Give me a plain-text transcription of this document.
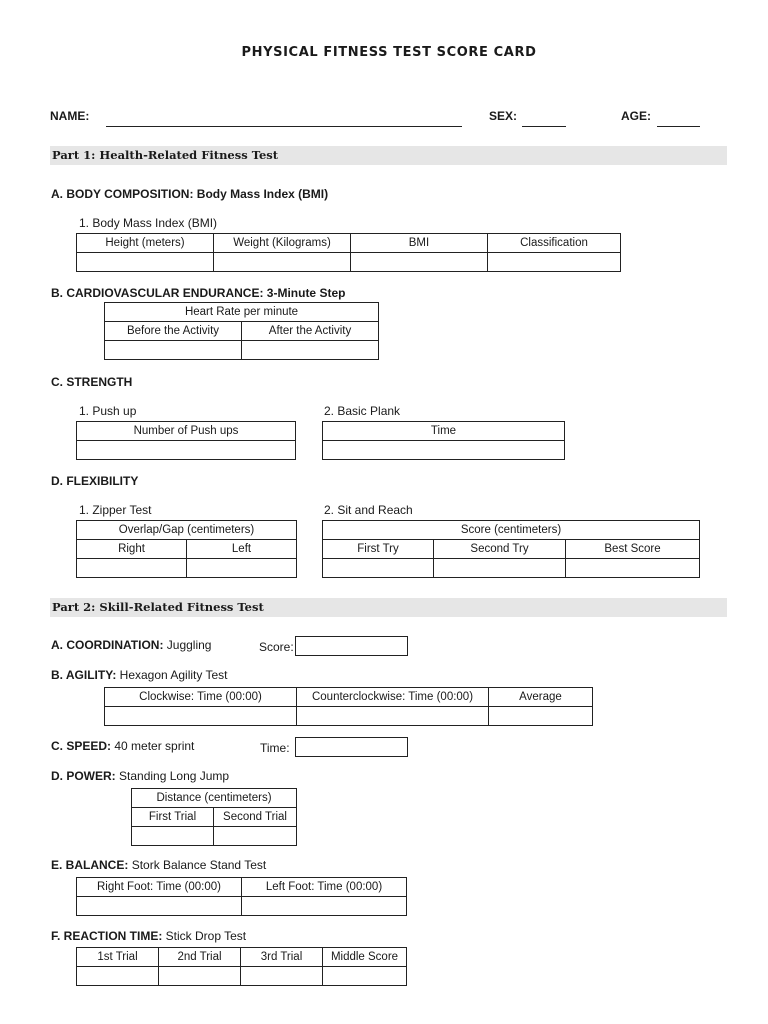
PHYSICAL FITNESS TEST SCORE CARD
NAME:	SEX:	AGE:
Part 1: Health-Related Fitness Test
A. BODY COMPOSITION: Body Mass Index (BMI)
1. Body Mass Index (BMI)
Height (meters)	Weight (Kilograms)	BMI	Classification

B. CARDIOVASCULAR ENDURANCE: 3-Minute Step
Heart Rate per minute	
Before the Activity	After the Activity

C. STRENGTH
1. Push up
Number of Push ups

2. Basic Plank
Time

D. FLEXIBILITY
1. Zipper Test
Overlap/Gap (centimeters)	
Right	Left

2. Sit and Reach
Score (centimeters)		
First Try	Second Try	Best Score

Part 2: Skill-Related Fitness Test
A. COORDINATION: Juggling	Score:
B. AGILITY: Hexagon Agility Test
Clockwise: Time (00:00)	Counterclockwise: Time (00:00)	Average

C. SPEED: 40 meter sprint	Time:
D. POWER: Standing Long Jump
Distance (centimeters)	
First Trial	Second Trial

E. BALANCE: Stork Balance Stand Test
Right Foot: Time (00:00)	Left Foot: Time (00:00)

F. REACTION TIME: Stick Drop Test
1st Trial	2nd Trial	3rd Trial	Middle Score
